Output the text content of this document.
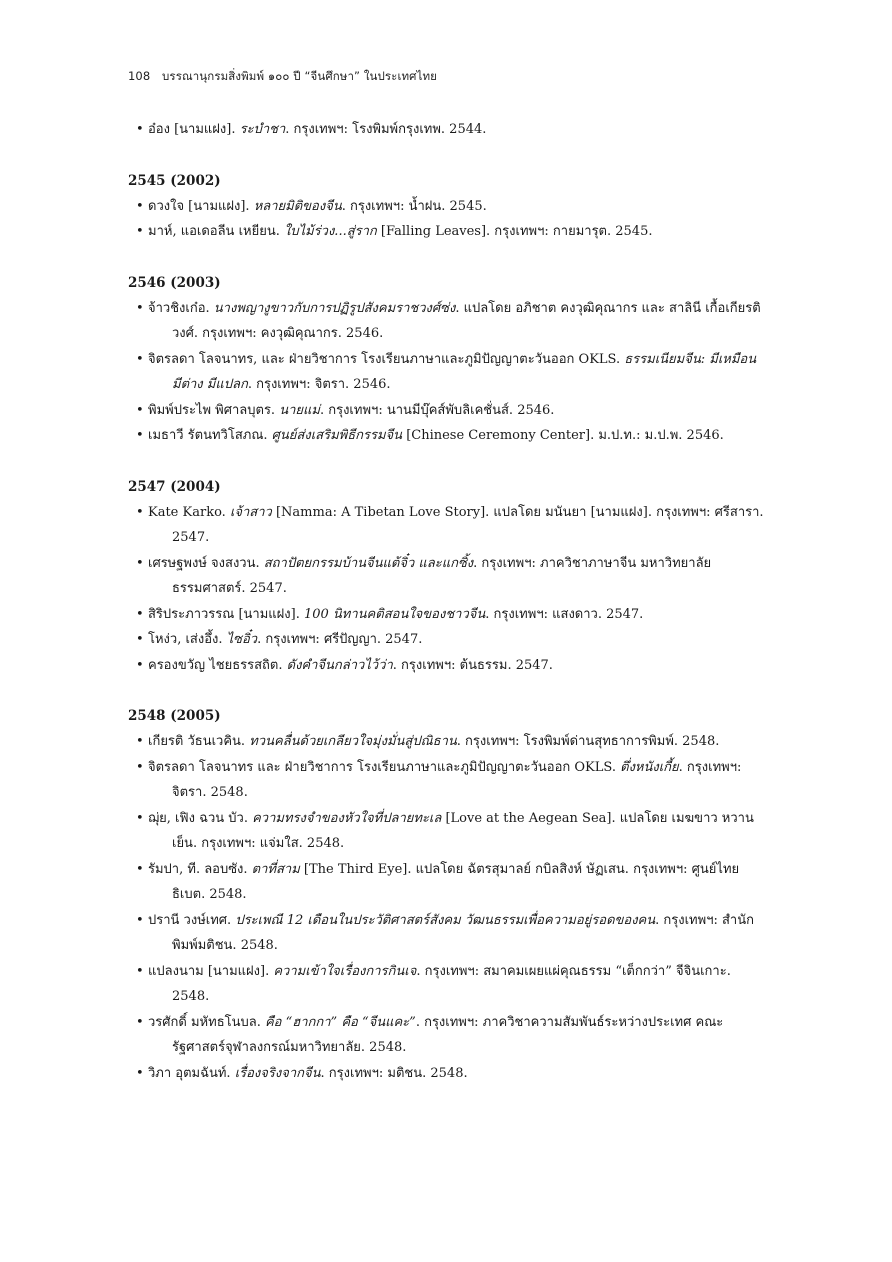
108 บรรณานุกรมสิ่งพิมพ์ ๑๐๐ ปี “จีนศึกษา” ในประเทศไทย

• อ๋อง [นามแฝง]. ระบำชา. กรุงเทพฯ: โรงพิมพ์กรุงเทพ. 2544.

2545 (2002)

• ดวงใจ [นามแฝง]. หลายมิติของจีน. กรุงเทพฯ: น้ำฝน. 2545.

• มาห์, แอเดอลีน เหยียน. ใบไม้ร่วง...สู่ราก [Falling Leaves]. กรุงเทพฯ: กายมารุต. 2545.

2546 (2003)

• จ้าวชิงเก๋อ. นางพญางูขาวกับการปฏิรูปสังคมราชวงศ์ซ่ง. แปลโดย อภิชาต คงวุฒิคุณากร และ สาลินี เกื้อเกียรติวงศ์. กรุงเทพฯ: คงวุฒิคุณากร. 2546.

• จิตรลดา โลจนาทร, และ ฝ่ายวิชาการ โรงเรียนภาษาและภูมิปัญญาตะวันออก OKLS. ธรรมเนียมจีน: มีเหมือน มีต่าง มีแปลก. กรุงเทพฯ: จิตรา. 2546.

• พิมพ์ประไพ พิศาลบุตร. นายแม่. กรุงเทพฯ: นานมีบุ๊คส์พับลิเคชั่นส์. 2546.

• เมธาวี รัตนทวิโสภณ. ศูนย์ส่งเสริมพิธีกรรมจีน [Chinese Ceremony Center]. ม.ป.ท.: ม.ป.พ. 2546.

2547 (2004)

• Kate Karko. เจ้าสาว [Namma: A Tibetan Love Story]. แปลโดย มนันยา [นามแฝง]. กรุงเทพฯ: ศรีสารา. 2547.

• เศรษฐพงษ์ จงสงวน. สถาปัตยกรรมบ้านจีนแต้จิ๋ว และแกซิ้ง. กรุงเทพฯ: ภาควิชาภาษาจีน มหาวิทยาลัยธรรมศาสตร์. 2547.

• สิริประภาวรรณ [นามแฝง]. 100 นิทานคติสอนใจของชาวจีน. กรุงเทพฯ: แสงดาว. 2547.

• โหง่ว, เส่งอึ้ง. ไซอิ๋ว. กรุงเทพฯ: ศรีปัญญา. 2547.

• ครองขวัญ ไชยธรรสถิต. ดังคำจีนกล่าวไว้ว่า. กรุงเทพฯ: ต้นธรรม. 2547.

2548 (2005)

• เกียรติ วัธนเวคิน. ทวนคลื่นด้วยเกลียวใจมุ่งมั่นสู่ปณิธาน. กรุงเทพฯ: โรงพิมพ์ด่านสุทธาการพิมพ์. 2548.

• จิตรลดา โลจนาทร และ ฝ่ายวิชาการ โรงเรียนภาษาและภูมิปัญญาตะวันออก OKLS. ตึ่งหนังเกี้ย. กรุงเทพฯ: จิตรา. 2548.

• ฌุ่ย, เฟิง ฉวน บัว. ความทรงจำของหัวใจที่ปลายทะเล [Love at the Aegean Sea]. แปลโดย เมฆขาว หวานเย็น. กรุงเทพฯ: แจ่มใส. 2548.

• รัมปา, ที. ลอบซัง. ตาที่สาม [The Third Eye]. แปลโดย ฉัตรสุมาลย์ กบิลสิงห์ ษัฏเสน. กรุงเทพฯ: ศูนย์ไทยธิเบต. 2548.

• ปรานี วงษ์เทศ. ประเพณี 12 เดือนในประวัติศาสตร์สังคม วัฒนธรรมเพื่อความอยู่รอดของคน. กรุงเทพฯ: สำนักพิมพ์มติชน. 2548.

• แปลงนาม [นามแฝง]. ความเข้าใจเรื่องการกินเจ. กรุงเทพฯ: สมาคมเผยแผ่คุณธรรม “เต็กกว่า” จีจินเกาะ. 2548.

• วรศักดิ์ มหัทธโนบล. คือ “ฮากกา” คือ “จีนแคะ”. กรุงเทพฯ: ภาควิชาความสัมพันธ์ระหว่างประเทศ คณะรัฐศาสตร์จุฬาลงกรณ์มหาวิทยาลัย. 2548.

• วิภา อุตมฉันท์. เรื่องจริงจากจีน. กรุงเทพฯ: มติชน. 2548.
